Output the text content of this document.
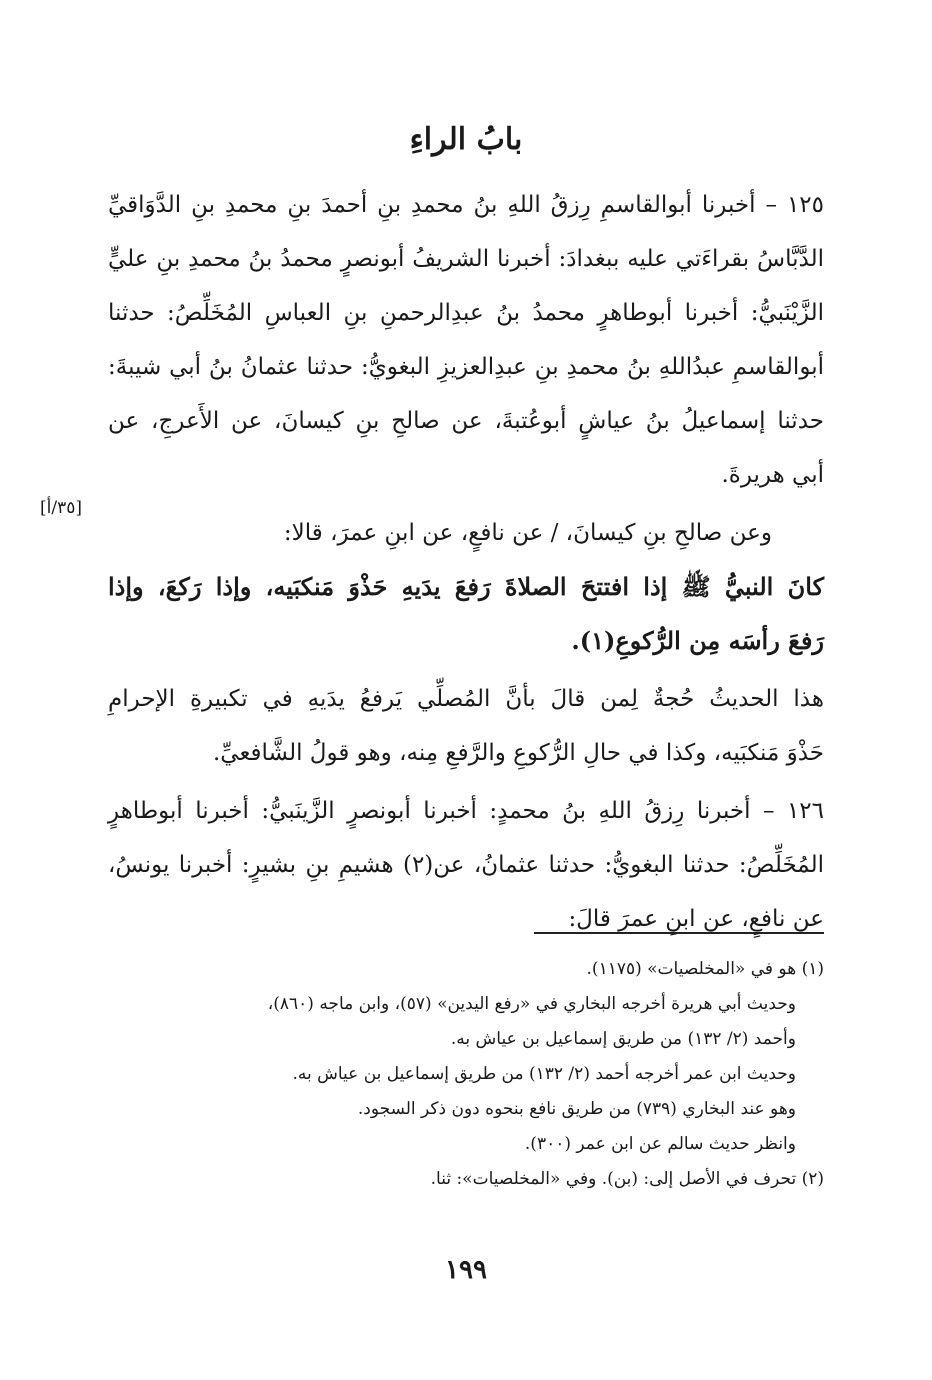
بابُ الراءِ
[٣٥/أ]
١٢٥ – أخبرنا أبوالقاسمِ رِزقُ اللهِ بنُ محمدِ بنِ أحمدَ بنِ محمدِ بنِ الدَّوَاقيِّ
الدَّبَّاسُ بقراءَتي عليه ببغدادَ: أخبرنا الشريفُ أبونصرٍ محمدُ بنُ محمدِ بنِ عليٍّ
الزَّيْنَبيُّ: أخبرنا أبوطاهرٍ محمدُ بنُ عبدِالرحمنِ بنِ العباسِ المُخَلِّصُ: حدثنا
أبوالقاسمِ عبدُاللهِ بنُ محمدِ بنِ عبدِالعزيزِ البغويُّ: حدثنا عثمانُ بنُ أبي شيبةَ:
حدثنا إسماعيلُ بنُ عياشٍ أبوعُتبةَ، عن صالحِ بنِ كيسانَ، عن الأَعرجِ، عن
أبي هريرةَ.
وعن صالحِ بنِ كيسانَ، / عن نافعٍ، عن ابنِ عمرَ، قالا:
كانَ النبيُّ ﷺ إذا افتتحَ الصلاةَ رَفعَ يدَيهِ حَذْوَ مَنكبَيه، وإذا رَكعَ، وإذا
رَفعَ رأسَه مِن الرُّكوعِ(١).
هذا الحديثُ حُجةٌ لِمن قالَ بأنَّ المُصلِّي يَرفعُ يدَيهِ في تكبيرةِ الإحرامِ
حَذْوَ مَنكبَيه، وكذا في حالِ الرُّكوعِ والرَّفعِ مِنه، وهو قولُ الشَّافعيِّ.
١٢٦ – أخبرنا رِزقُ اللهِ بنُ محمدٍ: أخبرنا أبونصرٍ الزَّينَبيُّ: أخبرنا أبوطاهرٍ
المُخَلِّصُ: حدثنا البغويُّ: حدثنا عثمانُ، عن(٢) هشيمِ بنِ بشيرٍ: أخبرنا يونسُ،
عن نافعٍ، عن ابنِ عمرَ قالَ:
(١) هو في «المخلصيات» (١١٧٥).
وحديث أبي هريرة أخرجه البخاري في «رفع اليدين» (٥٧)، وابن ماجه (٨٦٠)،
وأحمد (٢/ ١٣٢) من طريق إسماعيل بن عياش به.
وحديث ابن عمر أخرجه أحمد (٢/ ١٣٢) من طريق إسماعيل بن عياش به.
وهو عند البخاري (٧٣٩) من طريق نافع بنحوه دون ذكر السجود.
وانظر حديث سالم عن ابن عمر (٣٠٠).
(٢) تحرف في الأصل إلى: (بن). وفي «المخلصيات»: ثنا.
١٩٩
